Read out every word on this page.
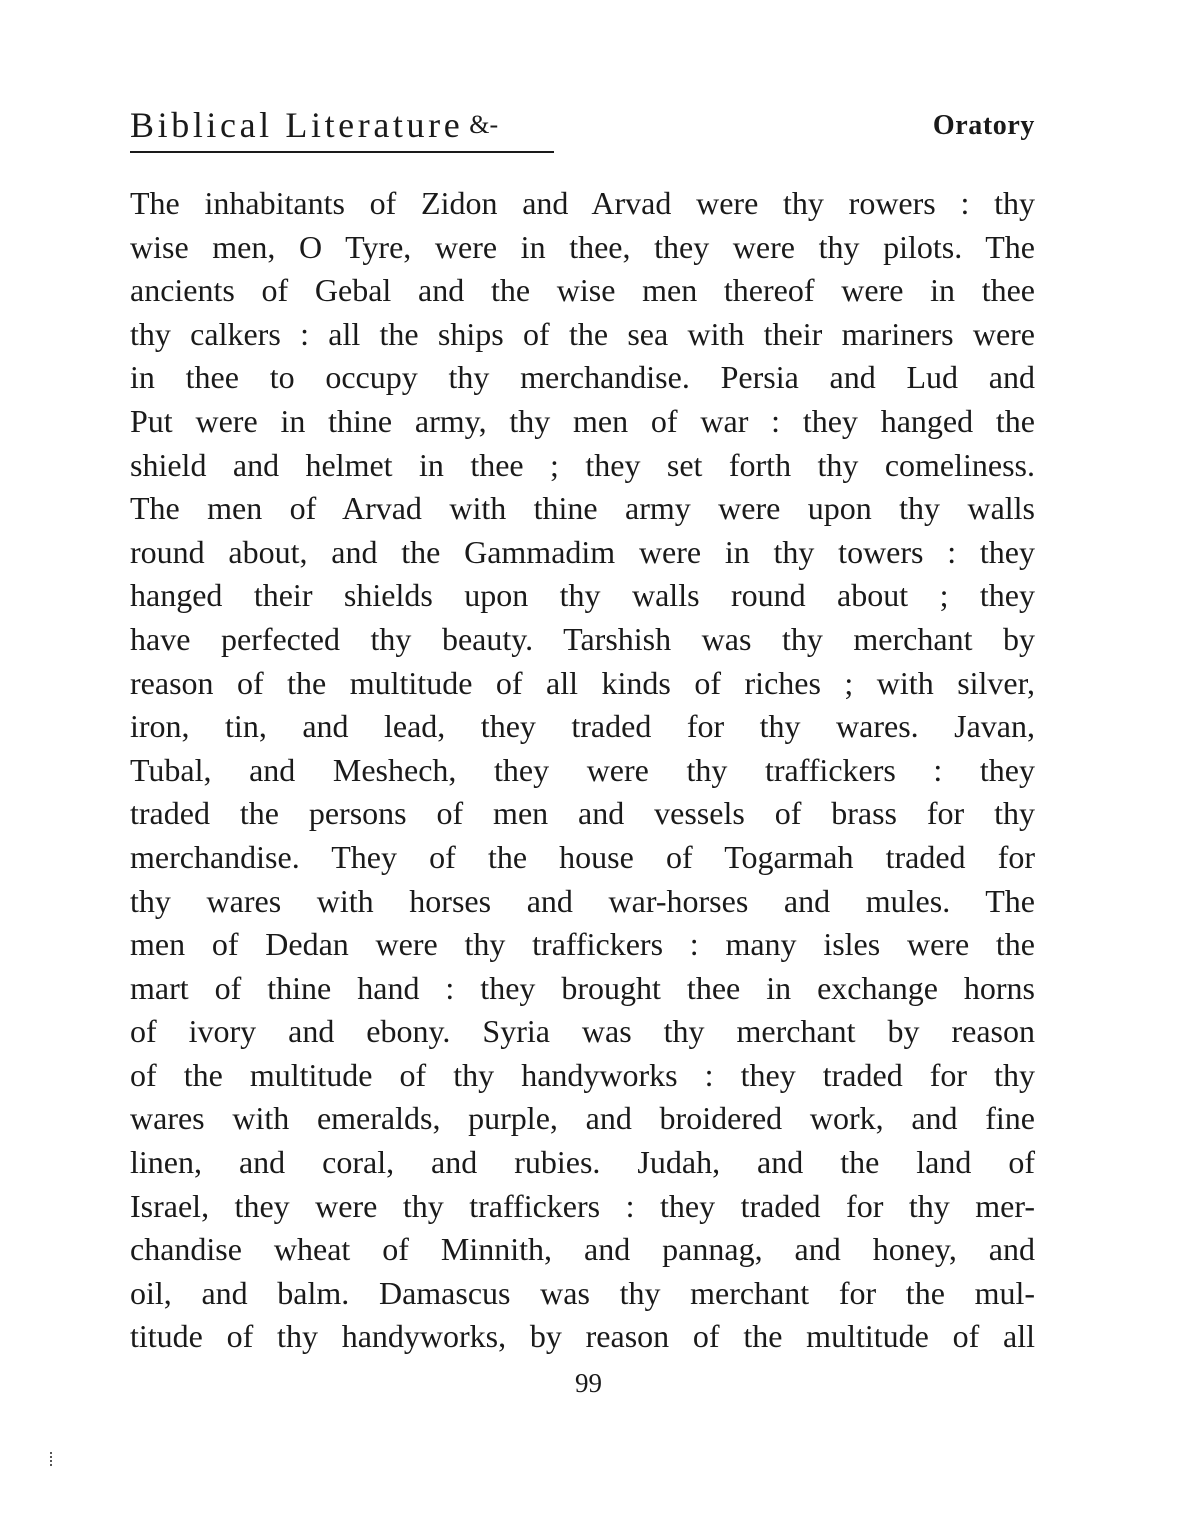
Biblical Literature &-	Oratory
The inhabitants of Zidon and Arvad were thy rowers : thy
wise men, O Tyre, were in thee, they were thy pilots. The
ancients of Gebal and the wise men thereof were in thee
thy calkers : all the ships of the sea with their mariners were
in thee to occupy thy merchandise. Persia and Lud and
Put were in thine army, thy men of war : they hanged the
shield and helmet in thee ; they set forth thy comeliness.
The men of Arvad with thine army were upon thy walls
round about, and the Gammadim were in thy towers : they
hanged their shields upon thy walls round about ; they
have perfected thy beauty. Tarshish was thy merchant by
reason of the multitude of all kinds of riches ; with silver,
iron, tin, and lead, they traded for thy wares. Javan,
Tubal, and Meshech, they were thy traffickers : they
traded the persons of men and vessels of brass for thy
merchandise. They of the house of Togarmah traded for
thy wares with horses and war-horses and mules. The
men of Dedan were thy traffickers : many isles were the
mart of thine hand : they brought thee in exchange horns
of ivory and ebony. Syria was thy merchant by reason
of the multitude of thy handyworks : they traded for thy
wares with emeralds, purple, and broidered work, and fine
linen, and coral, and rubies. Judah, and the land of
Israel, they were thy traffickers : they traded for thy mer-
chandise wheat of Minnith, and pannag, and honey, and
oil, and balm. Damascus was thy merchant for the mul-
titude of thy handyworks, by reason of the multitude of all
99
